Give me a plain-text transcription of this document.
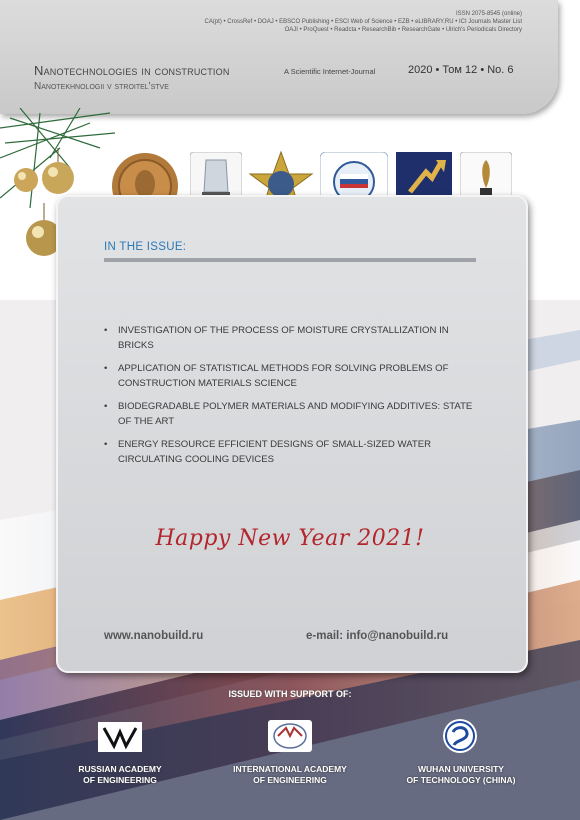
ISSN 2075-8545 (online)
CA(pt) • CrossRef • DOAJ • EBSCO Publishing • ESCI Web of Science • EZB • eLIBRARY.RU • ICI Journals Master List
OAJI • ProQuest • Readcta • ResearchBib • ResearchGate • Ulrich's Periodicals Directory
Nanotechnologies in construction
Nanotekhnologii v stroitel'stve
A Scientific Internet-Journal	2020 • Том 12 • No. 6
IN THE ISSUE:
• INVESTIGATION OF THE PROCESS OF MOISTURE CRYSTALLIZATION IN BRICKS
• APPLICATION OF STATISTICAL METHODS FOR SOLVING PROBLEMS OF CONSTRUCTION MATERIALS SCIENCE
• BIODEGRADABLE POLYMER MATERIALS AND MODIFYING ADDITIVES: STATE OF THE ART
• ENERGY RESOURCE EFFICIENT DESIGNS OF SMALL-SIZED WATER CIRCULATING COOLING DEVICES
Happy New Year 2021!
www.nanobuild.ru	e-mail: info@nanobuild.ru
ISSUED WITH SUPPORT OF:
RUSSIAN ACADEMY
OF ENGINEERING
INTERNATIONAL ACADEMY
OF ENGINEERING
WUHAN UNIVERSITY
OF TECHNOLOGY (CHINA)
